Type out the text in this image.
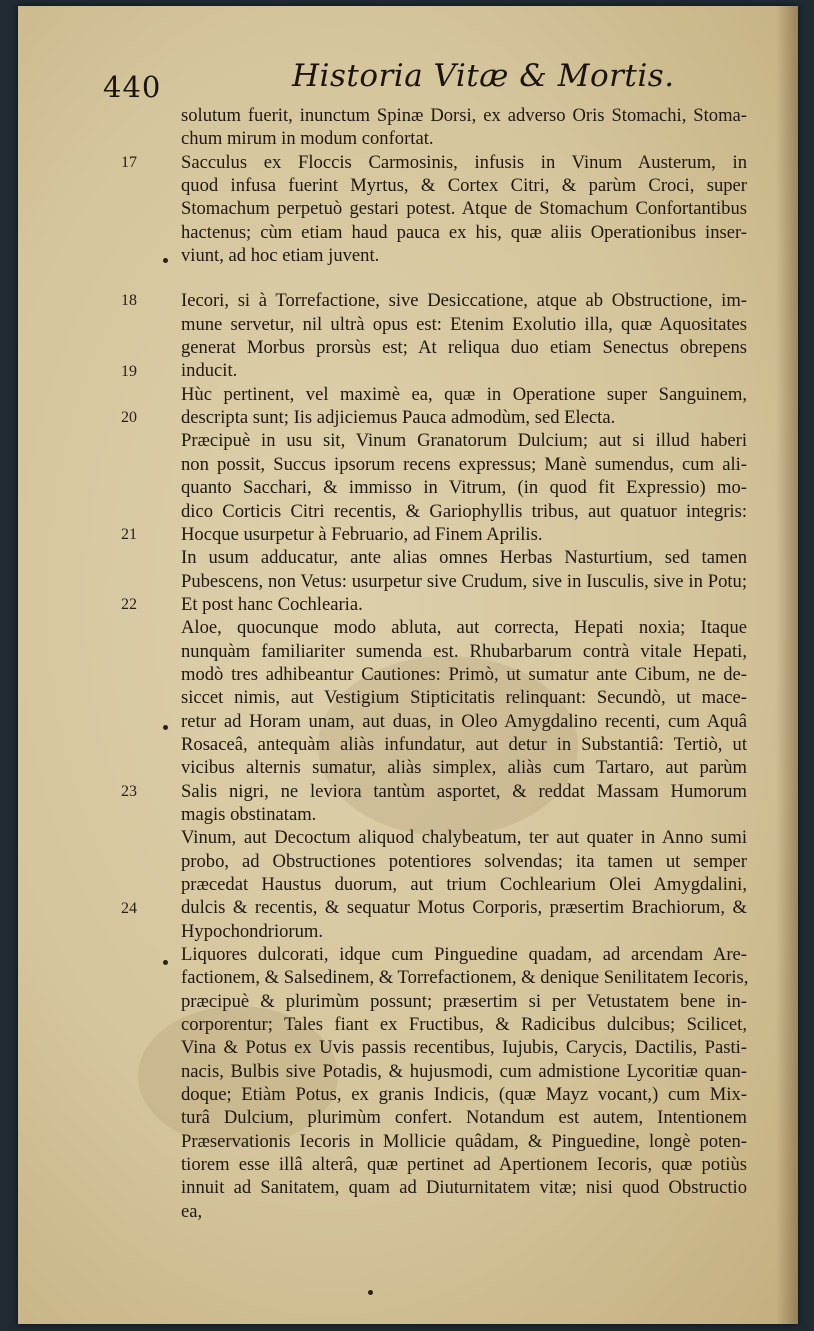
440	Historia Vitæ & Mortis.
17
18
19
20
21
22
23
24
solutum fuerit, inunctum Spinæ Dorsi, ex adverso Oris Stomachi, Stoma-
chum mirum in modum confortat.
Sacculus ex Floccis Carmosinis, infusis in Vinum Austerum, in
quod infusa fuerint Myrtus, & Cortex Citri, & parùm Croci, super
Stomachum perpetuò gestari potest. Atque de Stomachum Confortantibus
hactenus; cùm etiam haud pauca ex his, quæ aliis Operationibus inser-
viunt, ad hoc etiam juvent.
Iecori, si à Torrefactione, sive Desiccatione, atque ab Obstructione, im-
mune servetur, nil ultrà opus est: Etenim Exolutio illa, quæ Aquositates
generat Morbus prorsùs est; At reliqua duo etiam Senectus obrepens
inducit.
Hùc pertinent, vel maximè ea, quæ in Operatione super Sanguinem,
descripta sunt; Iis adjiciemus Pauca admodùm, sed Electa.
Præcipuè in usu sit, Vinum Granatorum Dulcium; aut si illud haberi
non possit, Succus ipsorum recens expressus; Manè sumendus, cum ali-
quanto Sacchari, & immisso in Vitrum, (in quod fit Expressio) mo-
dico Corticis Citri recentis, & Gariophyllis tribus, aut quatuor integris:
Hocque usurpetur à Februario, ad Finem Aprilis.
In usum adducatur, ante alias omnes Herbas Nasturtium, sed tamen
Pubescens, non Vetus: usurpetur sive Crudum, sive in Iusculis, sive in Potu;
Et post hanc Cochlearia.
Aloe, quocunque modo abluta, aut correcta, Hepati noxia; Itaque
nunquàm familiariter sumenda est. Rhubarbarum contrà vitale Hepati,
modò tres adhibeantur Cautiones: Primò, ut sumatur ante Cibum, ne de-
siccet nimis, aut Vestigium Stipticitatis relinquant: Secundò, ut mace-
retur ad Horam unam, aut duas, in Oleo Amygdalino recenti, cum Aquâ
Rosaceâ, antequàm aliàs infundatur, aut detur in Substantiâ: Tertiò, ut
vicibus alternis sumatur, aliàs simplex, aliàs cum Tartaro, aut parùm
Salis nigri, ne leviora tantùm asportet, & reddat Massam Humorum
magis obstinatam.
Vinum, aut Decoctum aliquod chalybeatum, ter aut quater in Anno sumi
probo, ad Obstructiones potentiores solvendas; ita tamen ut semper
præcedat Haustus duorum, aut trium Cochlearium Olei Amygdalini,
dulcis & recentis, & sequatur Motus Corporis, præsertim Brachiorum, &
Hypochondriorum.
Liquores dulcorati, idque cum Pinguedine quadam, ad arcendam Are-
factionem, & Salsedinem, & Torrefactionem, & denique Senilitatem Iecoris,
præcipuè & plurimùm possunt; præsertim si per Vetustatem bene in-
corporentur; Tales fiant ex Fructibus, & Radicibus dulcibus; Scilicet,
Vina & Potus ex Uvis passis recentibus, Iujubis, Carycis, Dactilis, Pasti-
nacis, Bulbis sive Potadis, & hujusmodi, cum admistione Lycoritiæ quan-
doque; Etiàm Potus, ex granis Indicis, (quæ Mayz vocant,) cum Mix-
turâ Dulcium, plurimùm confert. Notandum est autem, Intentionem
Præservationis Iecoris in Mollicie quâdam, & Pinguedine, longè poten-
tiorem esse illâ alterâ, quæ pertinet ad Apertionem Iecoris, quæ potiùs
innuit ad Sanitatem, quam ad Diuturnitatem vitæ; nisi quod Obstructio
ea,
